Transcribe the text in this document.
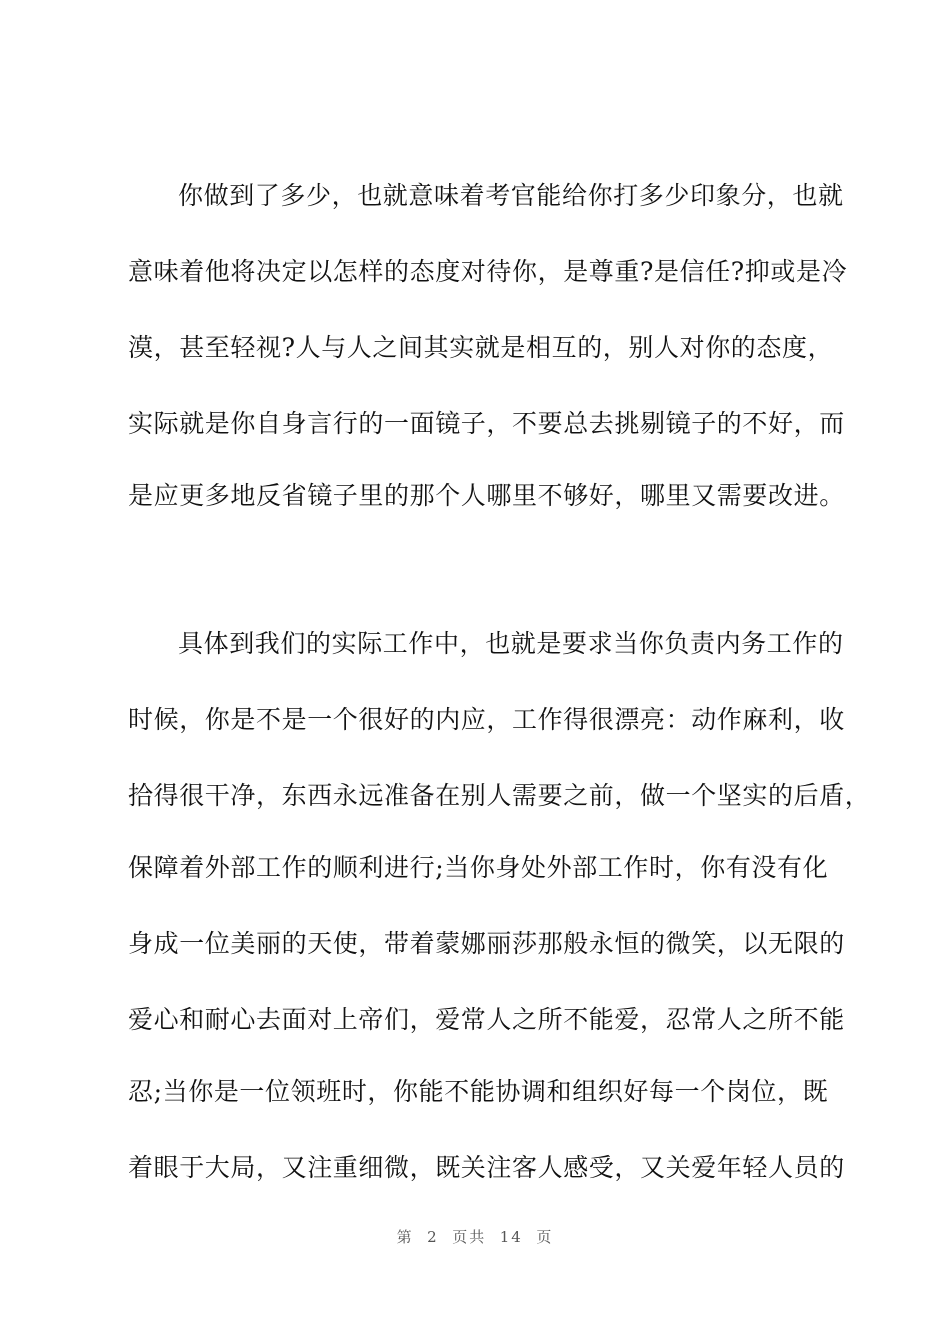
你做到了多少，也就意味着考官能给你打多少印象分，也就
意味着他将决定以怎样的态度对待你，是尊重?是信任?抑或是冷
漠，甚至轻视?人与人之间其实就是相互的，别人对你的态度，
实际就是你自身言行的一面镜子，不要总去挑剔镜子的不好，而
是应更多地反省镜子里的那个人哪里不够好，哪里又需要改进。
具体到我们的实际工作中，也就是要求当你负责内务工作的
时候，你是不是一个很好的内应，工作得很漂亮：动作麻利，收
拾得很干净，东西永远准备在别人需要之前，做一个坚实的后盾，
保障着外部工作的顺利进行;当你身处外部工作时，你有没有化
身成一位美丽的天使，带着蒙娜丽莎那般永恒的微笑，以无限的
爱心和耐心去面对上帝们，爱常人之所不能爱，忍常人之所不能
忍;当你是一位领班时，你能不能协调和组织好每一个岗位，既
着眼于大局，又注重细微，既关注客人感受，又关爱年轻人员的
第  2  页共  14  页
